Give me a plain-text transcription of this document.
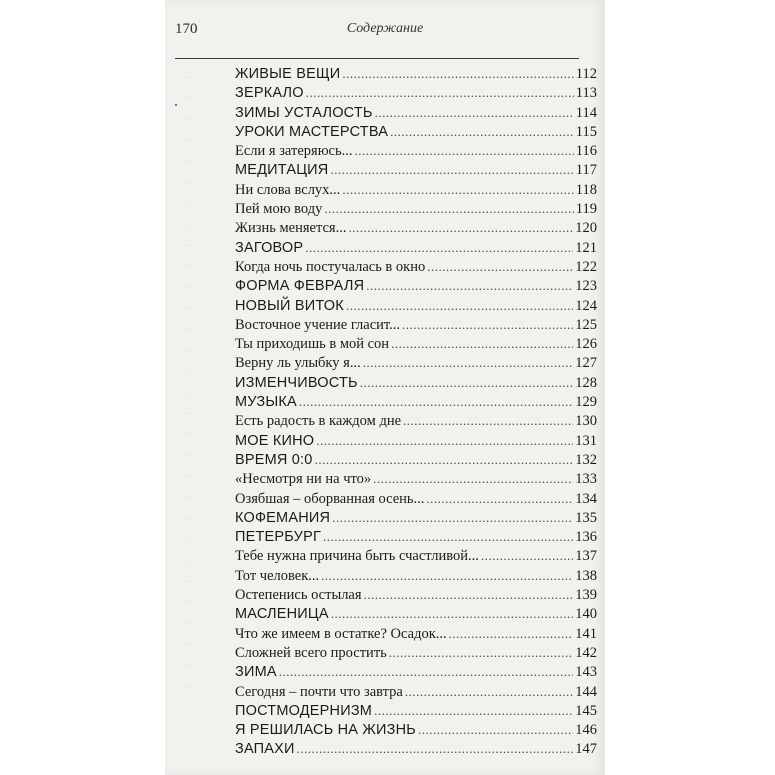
·
·
·
·
·
·
·
·
·
·
·
·
·
·
·
·
·
·
·
·
·
·
·
·
·
·
·
·
·
·
170	Содержание
ЖИВЫЕ ВЕЩИ .....	112
ЗЕРКАЛО .....	113
ЗИМЫ УСТАЛОСТЬ .....	114
УРОКИ МАСТЕРСТВА .....	115
Если я затеряюсь... .....	116
МЕДИТАЦИЯ .....	117
Ни слова вслух... .....	118
Пей мою воду .....	119
Жизнь меняется... .....	120
ЗАГОВОР .....	121
Когда ночь постучалась в окно .....	122
ФОРМА ФЕВРАЛЯ .....	123
НОВЫЙ ВИТОК .....	124
Восточное учение гласит... .....	125
Ты приходишь в мой сон .....	126
Верну ль улыбку я... .....	127
ИЗМЕНЧИВОСТЬ .....	128
МУЗЫКА .....	129
Есть радость в каждом дне .....	130
МОЕ КИНО .....	131
ВРЕМЯ 0:0 .....	132
«Несмотря ни на что» .....	133
Озябшая – оборванная осень... .....	134
КОФЕМАНИЯ .....	135
ПЕТЕРБУРГ .....	136
Тебе нужна причина быть счастливой... .....	137
Тот человек... .....	138
Остепенись остылая .....	139
МАСЛЕНИЦА .....	140
Что же имеем в остатке? Осадок... .....	141
Сложней всего простить .....	142
ЗИМА .....	143
Сегодня – почти что завтра .....	144
ПОСТМОДЕРНИЗМ .....	145
Я РЕШИЛАСЬ НА ЖИЗНЬ .....	146
ЗАПАХИ .....	147
